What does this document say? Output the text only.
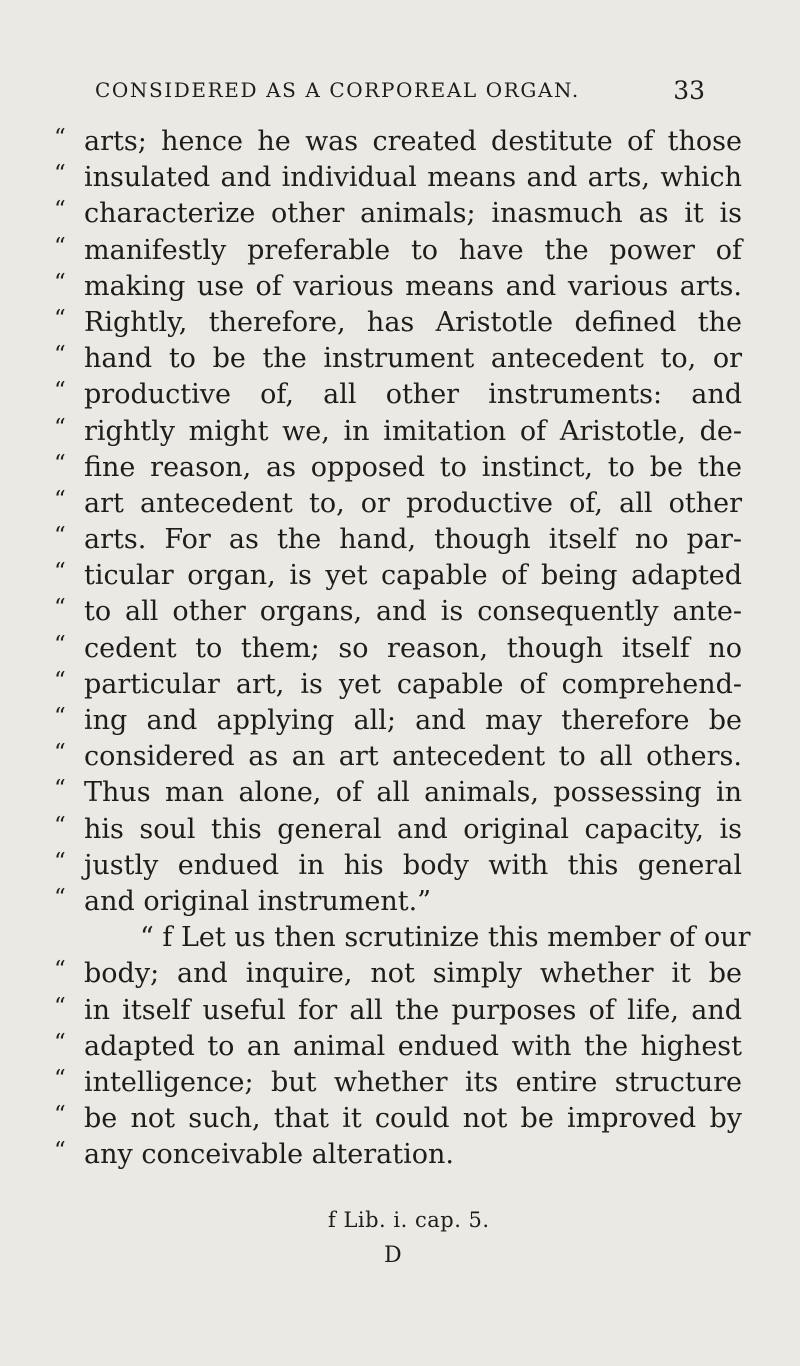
CONSIDERED AS A CORPOREAL ORGAN.	33
“ arts; hence he was created destitute of those
“ insulated and individual means and arts, which
“ characterize other animals; inasmuch as it is
“ manifestly preferable to have the power of
“ making use of various means and various arts.
“ Rightly, therefore, has Aristotle defined the
“ hand to be the instrument antecedent to, or
“ productive of, all other instruments: and
“ rightly might we, in imitation of Aristotle, de-
“ fine reason, as opposed to instinct, to be the
“ art antecedent to, or productive of, all other
“ arts. For as the hand, though itself no par-
“ ticular organ, is yet capable of being adapted
“ to all other organs, and is consequently ante-
“ cedent to them; so reason, though itself no
“ particular art, is yet capable of comprehend-
“ ing and applying all; and may therefore be
“ considered as an art antecedent to all others.
“ Thus man alone, of all animals, possessing in
“ his soul this general and original capacity, is
“ justly endued in his body with this general
“ and original instrument.”
“ f Let us then scrutinize this member of our
“ body; and inquire, not simply whether it be
“ in itself useful for all the purposes of life, and
“ adapted to an animal endued with the highest
“ intelligence; but whether its entire structure
“ be not such, that it could not be improved by
“ any conceivable alteration.
f Lib. i. cap. 5.
D
